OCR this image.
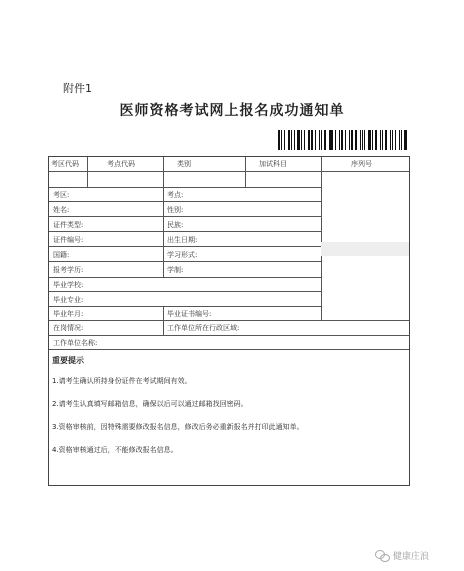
附件1
医师资格考试网上报名成功通知单
考区代码	考点代码	类别	加试科目	序列号
考区:	考点:
姓名:	性别:
证件类型:	民族:
证件编号:	出生日期:
国籍:	学习形式:
报考学历:	学制:
毕业学校:
毕业专业:
毕业年月:	毕业证书编号:
在岗情况:	工作单位所在行政区域:
工作单位名称:
重要提示
1.请考生确认所持身份证件在考试期间有效。
2.请考生认真填写邮箱信息，确保以后可以通过邮箱找回密码。
3.资格审核前，因特殊需要修改报名信息，修改后务必重新报名并打印此通知单。
4.资格审核通过后，不能修改报名信息。
健康庄浪
